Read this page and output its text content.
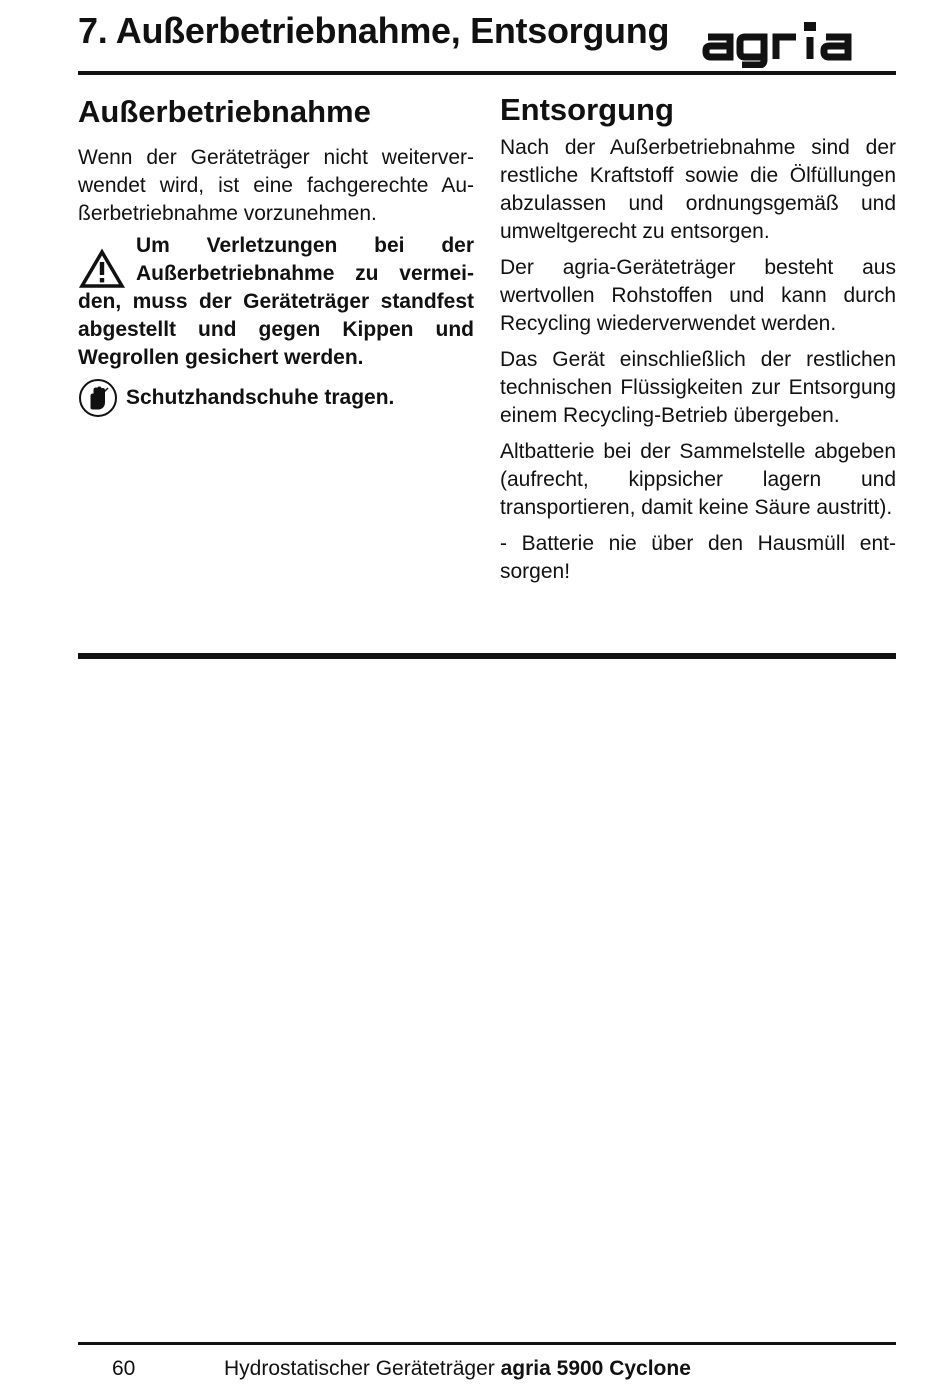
7. Außerbetriebnahme, Entsorgung
Außerbetriebnahme

Wenn der Geräteträger nicht weiterverwendet wird, ist eine fachgerechte Außerbetriebnahme vorzunehmen.

Um Verletzungen bei der Außerbetriebnahme zu vermeiden, muss der Geräteträger standfest abgestellt und gegen Kippen und Wegrollen gesichert werden.
Schutzhandschuhe tragen.
Entsorgung

Nach der Außerbetriebnahme sind der restliche Kraftstoff sowie die Ölfüllungen abzulassen und ordnungsgemäß und umweltgerecht zu entsorgen.

Der agria-Geräteträger besteht aus wertvollen Rohstoffen und kann durch Recycling wiederverwendet werden.

Das Gerät einschließlich der restlichen technischen Flüssigkeiten zur Entsorgung einem Recycling-Betrieb übergeben.

Altbatterie bei der Sammelstelle abgeben (aufrecht, kippsicher lagern und transportieren, damit keine Säure austritt).

- Batterie nie über den Hausmüll entsorgen!

60	Hydrostatischer Geräteträger agria 5900 Cyclone
